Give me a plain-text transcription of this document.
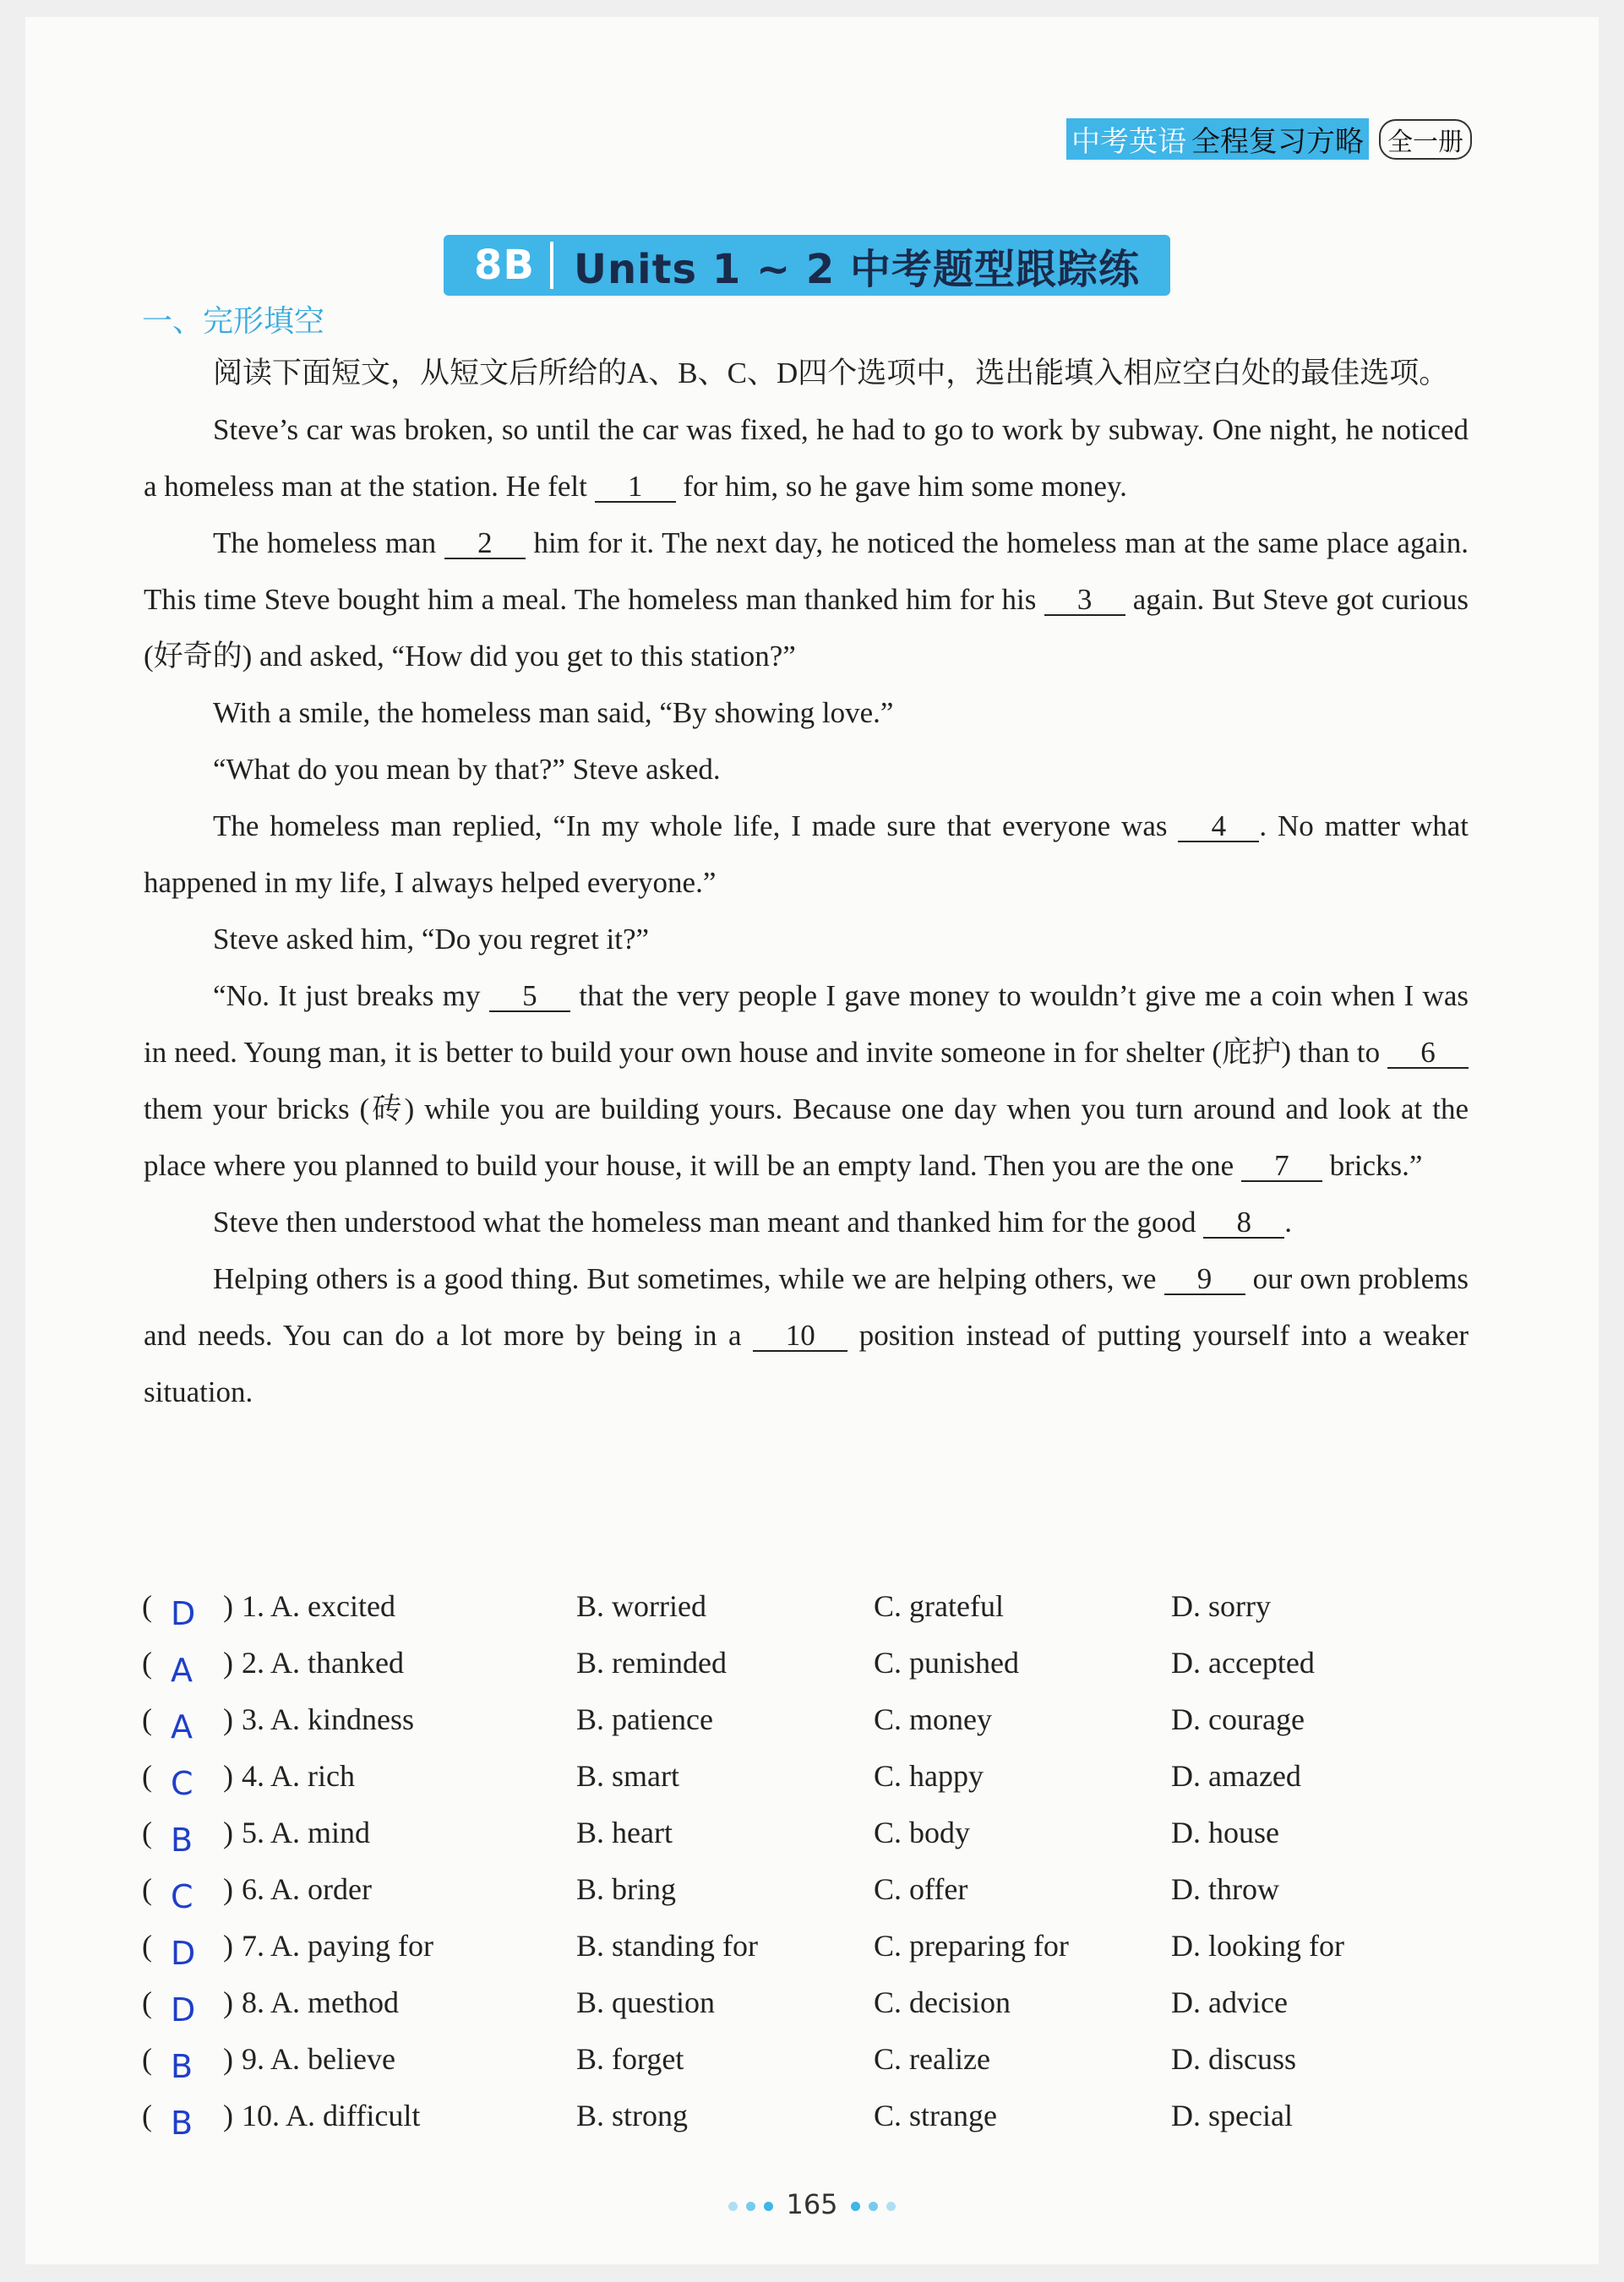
中考英语 全程复习方略 全一册
8B Units 1 ~ 2 中考题型跟踪练
一、完形填空

阅读下面短文，从短文后所给的A、B、C、D四个选项中，选出能填入相应空白处的最佳选项。

Steve’s car was broken, so until the car was fixed, he had to go to work by subway. One night, he noticed a homeless man at the station. He felt 1 for him, so he gave him some money.

The homeless man 2 him for it. The next day, he noticed the homeless man at the same place again. This time Steve bought him a meal. The homeless man thanked him for his 3 again. But Steve got curious (好奇的) and asked, “How did you get to this station?”

With a smile, the homeless man said, “By showing love.”

“What do you mean by that?” Steve asked.

The homeless man replied, “In my whole life, I made sure that everyone was 4 . No matter what happened in my life, I always helped everyone.”

Steve asked him, “Do you regret it?”

“No. It just breaks my 5 that the very people I gave money to wouldn’t give me a coin when I was in need. Young man, it is better to build your own house and invite someone in for shelter (庇护) than to 6 them your bricks (砖) while you are building yours. Because one day when you turn around and look at the place where you planned to build your house, it will be an empty land. Then you are the one 7 bricks.”

Steve then understood what the homeless man meant and thanked him for the good 8 .

Helping others is a good thing. But sometimes, while we are helping others, we 9 our own problems and needs. You can do a lot more by being in a 10 position instead of putting yourself into a weaker situation.

( D ) 1. A. excited	B. worried	C. grateful	D. sorry
( A ) 2. A. thanked	B. reminded	C. punished	D. accepted
( A ) 3. A. kindness	B. patience	C. money	D. courage
( C ) 4. A. rich	B. smart	C. happy	D. amazed
( B ) 5. A. mind	B. heart	C. body	D. house
( C ) 6. A. order	B. bring	C. offer	D. throw
( D ) 7. A. paying for	B. standing for	C. preparing for	D. looking for
( D ) 8. A. method	B. question	C. decision	D. advice
( B ) 9. A. believe	B. forget	C. realize	D. discuss
( B ) 10. A. difficult	B. strong	C. strange	D. special
165
